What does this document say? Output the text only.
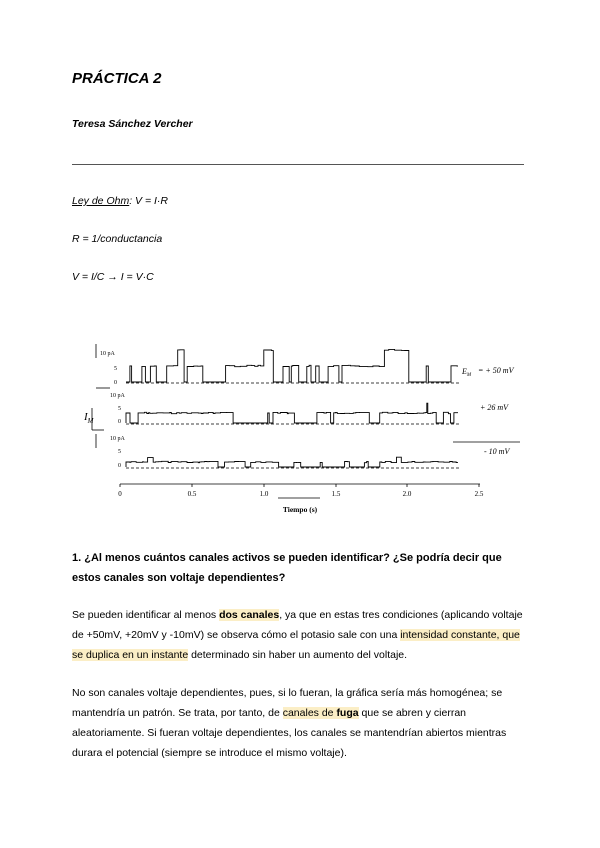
PRÁCTICA 2
Teresa Sánchez Vercher
Ley de Ohm: V = I·R
R = 1/conductancia
V = I/C → I = V·C
10 pA
5
0
10 pA
5
0
10 pA
5
0
$I_M$
$E_M$
= + 50 mV
+ 26 mV
- 10 mV
0	0.5	1.0	1.5	2.0	2.5
Tiempo (s)
1. ¿Al menos cuántos canales activos se pueden identificar? ¿Se podría decir que estos canales son voltaje dependientes?
Se pueden identificar al menos dos canales, ya que en estas tres condiciones (aplicando voltaje de +50mV, +20mV y -10mV) se observa cómo el potasio sale con una intensidad constante, que se duplica en un instante determinado sin haber un aumento del voltaje.
No son canales voltaje dependientes, pues, si lo fueran, la gráfica sería más homogénea; se mantendría un patrón. Se trata, por tanto, de canales de fuga que se abren y cierran aleatoriamente. Si fueran voltaje dependientes, los canales se mantendrían abiertos mientras durara el potencial (siempre se introduce el mismo voltaje).
